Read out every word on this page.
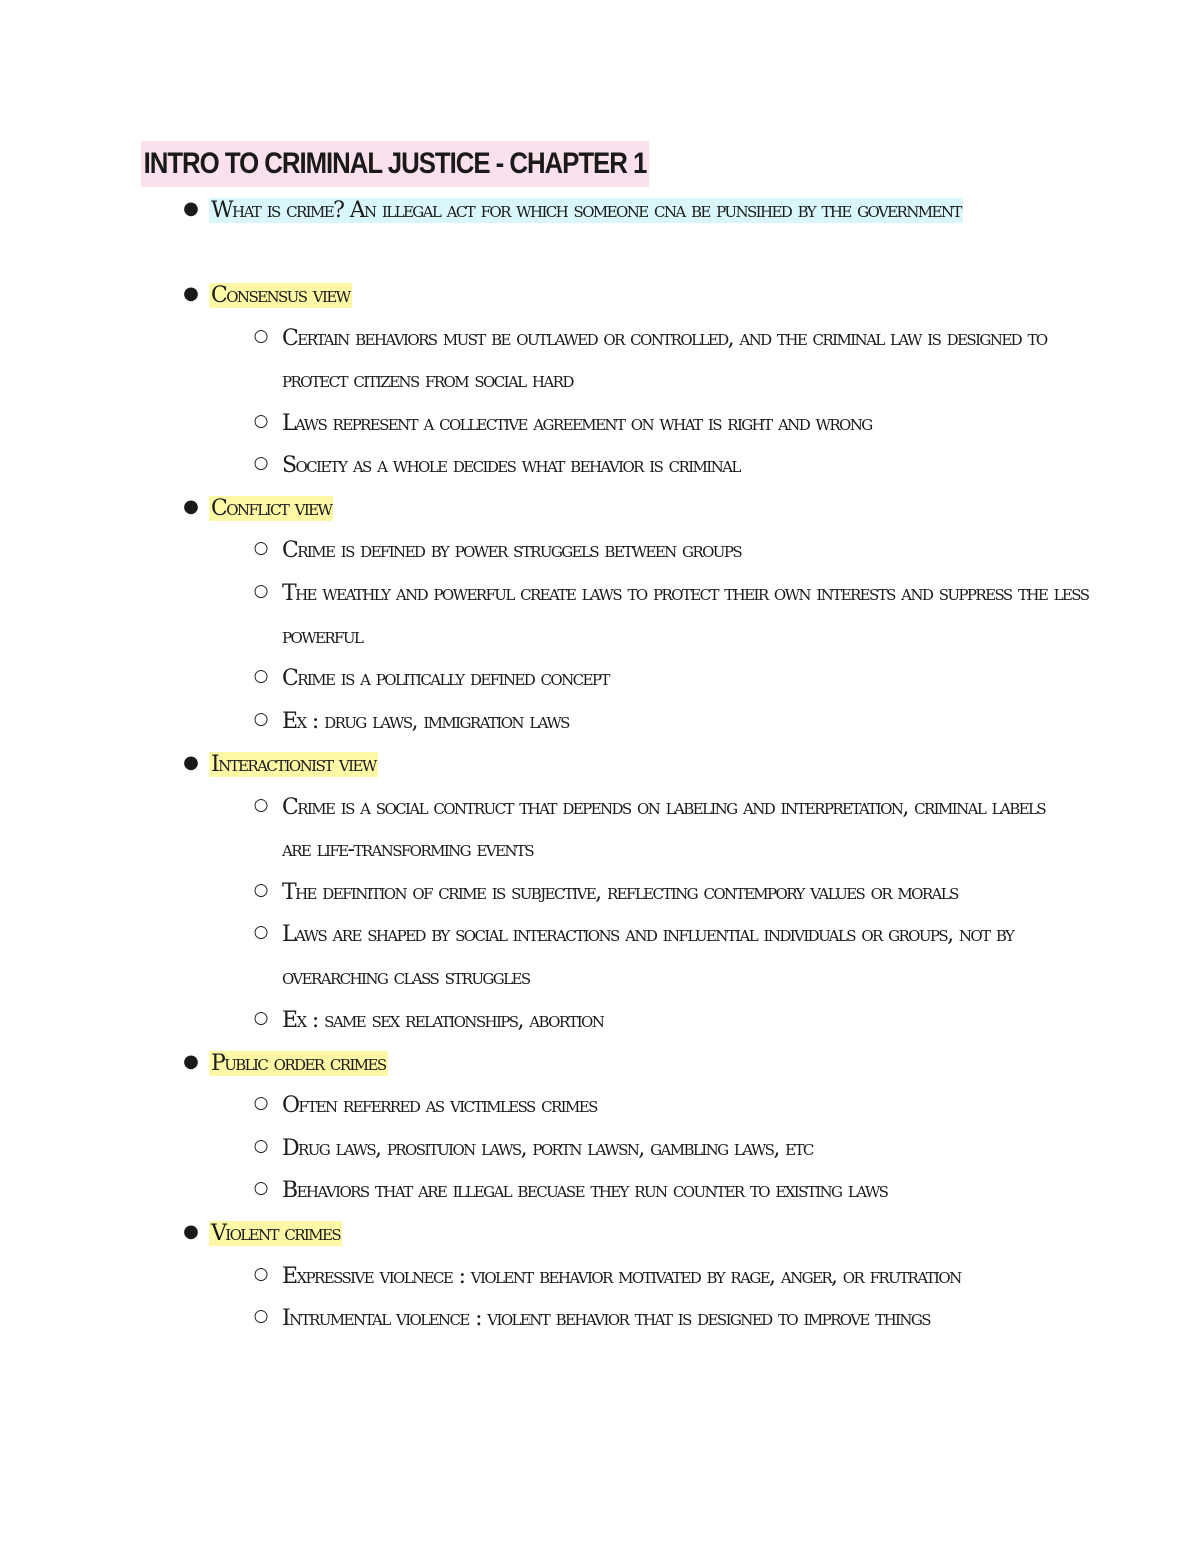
INTRO TO CRIMINAL JUSTICE - CHAPTER 1
● What is crime? An illegal act for which someone cna be punsihed by the government
● Consensus view
○ Certain behaviors must be outlawed or controlled, and the criminal law is designed to
protect citizens from social hard
○ Laws represent a collective agreement on what is right and wrong
○ Society as a whole decides what behavior is criminal
● Conflict view
○ Crime is defined by power struggels between groups
○ The weathly and powerful create laws to protect their own interests and suppress the less
powerful
○ Crime is a politically defined concept
○ Ex : drug laws, immigration laws
● Interactionist view
○ Crime is a social contruct that depends on labeling and interpretation, criminal labels
are life-transforming events
○ The definition of crime is subjective, reflecting contempory values or morals
○ Laws are shaped by social interactions and influential individuals or groups, not by
overarching class struggles
○ Ex : same sex relationships, abortion
● Public order crimes
○ Often referred as victimless crimes
○ Drug laws, prosituion laws, portn lawsn, gambling laws, etc
○ Behaviors that are illegal becuase they run counter to existing laws
● Violent crimes
○ Expressive violnece : violent behavior motivated by rage, anger, or frutration
○ Intrumental violence : violent behavior that is designed to improve things
